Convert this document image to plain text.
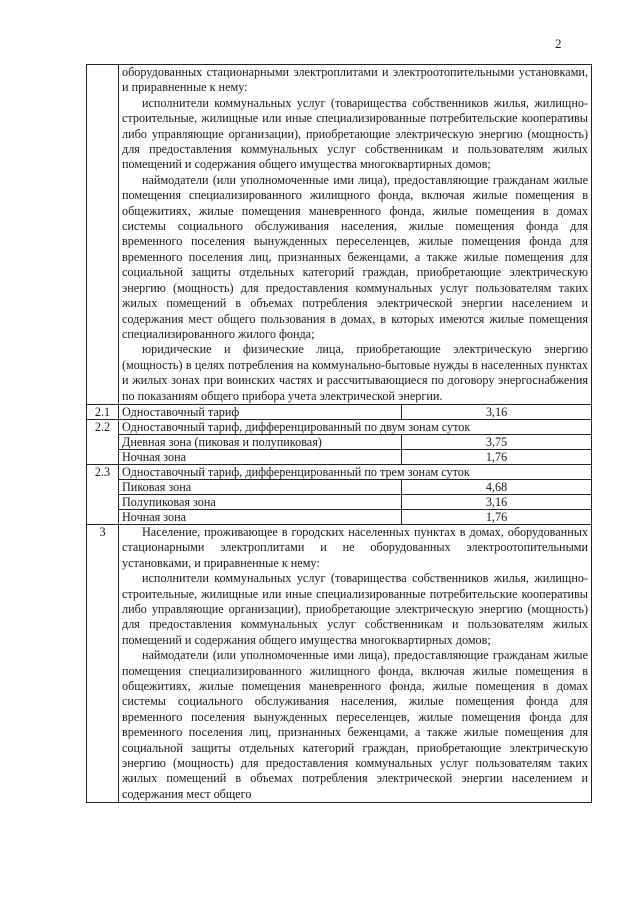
2

	оборудованных стационарными электроплитами и электроотопительными установками, и приравненные к нему:
исполнители коммунальных услуг (товарищества собственников жилья, жилищно-строительные, жилищные или иные специализированные потребительские кооперативы либо управляющие организации), приобретающие электрическую энергию (мощность) для предоставления коммунальных услуг собственникам и пользователям жилых помещений и содержания общего имущества многоквартирных домов;
наймодатели (или уполномоченные ими лица), предоставляющие гражданам жилые помещения специализированного жилищного фонда, включая жилые помещения в общежитиях, жилые помещения маневренного фонда, жилые помещения в домах системы социального обслуживания населения, жилые помещения фонда для временного поселения вынужденных переселенцев, жилые помещения фонда для временного поселения лиц, признанных беженцами, а также жилые помещения для социальной защиты отдельных категорий граждан, приобретающие электрическую энергию (мощность) для предоставления коммунальных услуг пользователям таких жилых помещений в объемах потребления электрической энергии населением и содержания мест общего пользования в домах, в которых имеются жилые помещения специализированного жилого фонда;
юридические и физические лица, приобретающие электрическую энергию (мощность) в целях потребления на коммунально-бытовые нужды в населенных пунктах и жилых зонах при воинских частях и рассчитывающиеся по договору энергоснабжения по показаниям общего прибора учета электрической энергии.	

2.1	Одноставочный тариф	3,16
2.2	Одноставочный тариф, дифференцированный по двум зонам суток	
	Дневная зона (пиковая и полупиковая)	3,75
	Ночная зона	1,76
2.3	Одноставочный тариф, дифференцированный по трем зонам суток	
	Пиковая зона	4,68
	Полупиковая зона	3,16
	Ночная зона	1,76
3	Население, проживающее в городских населенных пунктах в домах, оборудованных стационарными электроплитами и не оборудованных электроотопительными установками, и приравненные к нему:
исполнители коммунальных услуг (товарищества собственников жилья, жилищно-строительные, жилищные или иные специализированные потребительские кооперативы либо управляющие организации), приобретающие электрическую энергию (мощность) для предоставления коммунальных услуг собственникам и пользователям жилых помещений и содержания общего имущества многоквартирных домов;
наймодатели (или уполномоченные ими лица), предоставляющие гражданам жилые помещения специализированного жилищного фонда, включая жилые помещения в общежитиях, жилые помещения маневренного фонда, жилые помещения в домах системы социального обслуживания населения, жилые помещения фонда для временного поселения вынужденных переселенцев, жилые помещения фонда для временного поселения лиц, признанных беженцами, а также жилые помещения для социальной защиты отдельных категорий граждан, приобретающие электрическую энергию (мощность) для предоставления коммунальных услуг пользователям таких жилых помещений в объемах потребления электрической энергии населением и содержания мест общего	
